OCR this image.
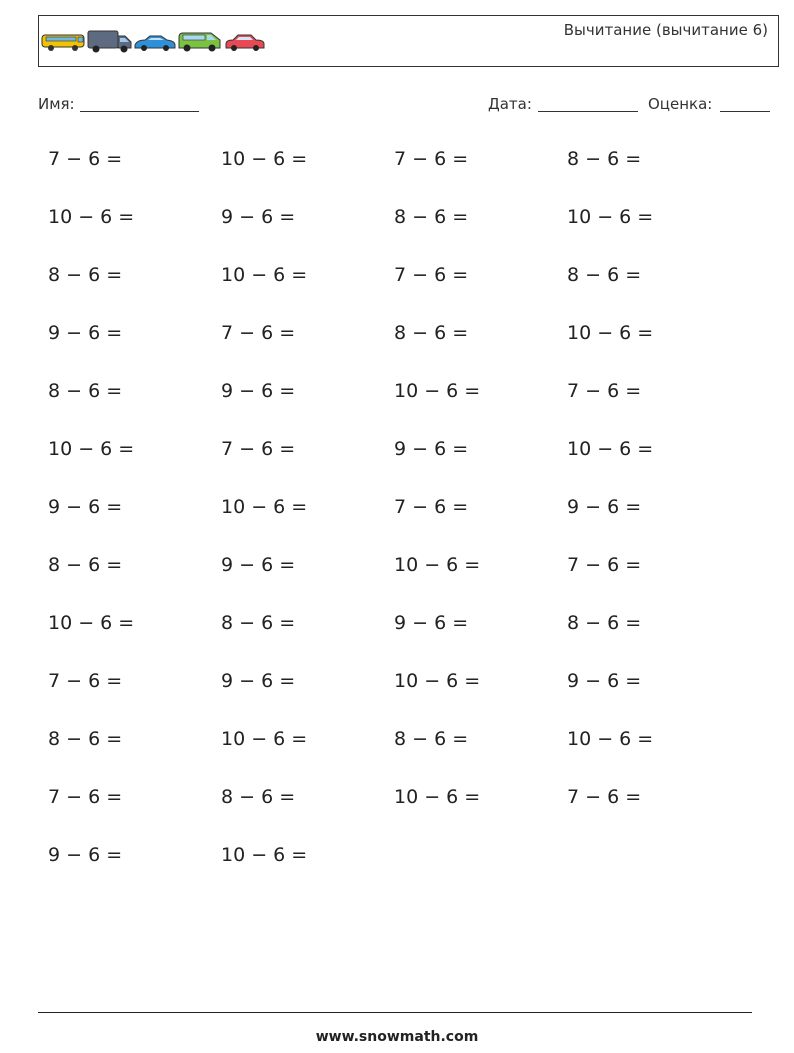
Вычитание (вычитание 6)
Имя:	Дата:	Оценка:
7 − 6 =	10 − 6 =	7 − 6 =	8 − 6 =
10 − 6 =	9 − 6 =	8 − 6 =	10 − 6 =
8 − 6 =	10 − 6 =	7 − 6 =	8 − 6 =
9 − 6 =	7 − 6 =	8 − 6 =	10 − 6 =
8 − 6 =	9 − 6 =	10 − 6 =	7 − 6 =
10 − 6 =	7 − 6 =	9 − 6 =	10 − 6 =
9 − 6 =	10 − 6 =	7 − 6 =	9 − 6 =
8 − 6 =	9 − 6 =	10 − 6 =	7 − 6 =
10 − 6 =	8 − 6 =	9 − 6 =	8 − 6 =
7 − 6 =	9 − 6 =	10 − 6 =	9 − 6 =
8 − 6 =	10 − 6 =	8 − 6 =	10 − 6 =
7 − 6 =	8 − 6 =	10 − 6 =	7 − 6 =
9 − 6 =	10 − 6 =
www.snowmath.com
